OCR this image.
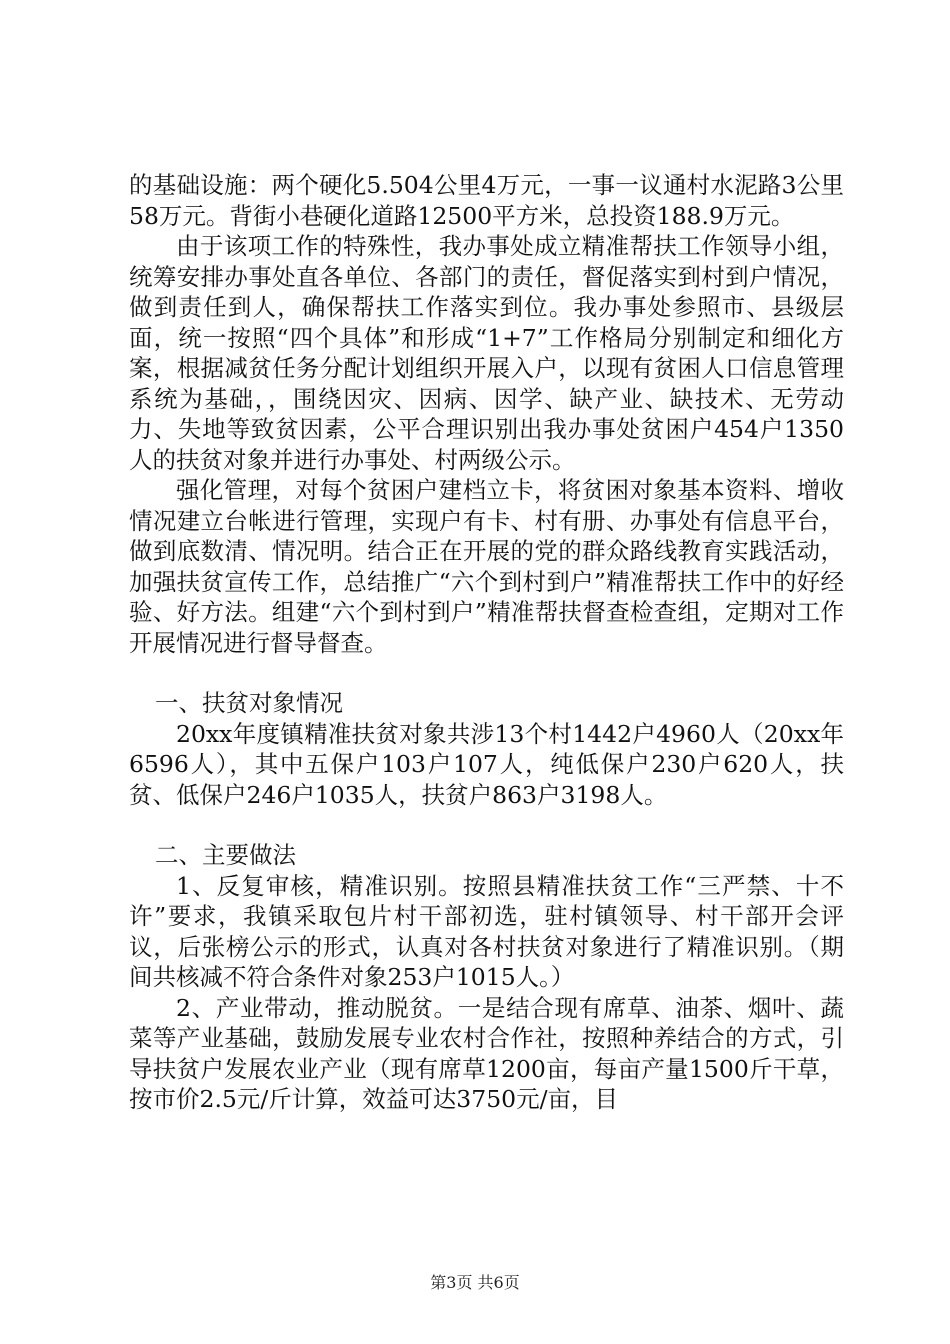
的基础设施：两个硬化5.504公里4万元，一事一议通村水泥路3公里58万元。背街小巷硬化道路12500平方米，总投资188.9万元。

由于该项工作的特殊性，我办事处成立精准帮扶工作领导小组，统筹安排办事处直各单位、各部门的责任，督促落实到村到户情况，做到责任到人，确保帮扶工作落实到位。我办事处参照市、县级层面，统一按照“四个具体”和形成“1+7”工作格局分别制定和细化方案，根据减贫任务分配计划组织开展入户，以现有贫困人口信息管理系统为基础，，围绕因灾、因病、因学、缺产业、缺技术、无劳动力、失地等致贫因素，公平合理识别出我办事处贫困户454户1350人的扶贫对象并进行办事处、村两级公示。

强化管理，对每个贫困户建档立卡，将贫困对象基本资料、增收情况建立台帐进行管理，实现户有卡、村有册、办事处有信息平台，做到底数清、情况明。结合正在开展的党的群众路线教育实践活动，加强扶贫宣传工作，总结推广“六个到村到户”精准帮扶工作中的好经验、好方法。组建“六个到村到户”精准帮扶督查检查组，定期对工作开展情况进行督导督查。

一、扶贫对象情况

20xx年度镇精准扶贫对象共涉13个村1442户4960人（20xx年6596人），其中五保户103户107人，纯低保户230户620人，扶贫、低保户246户1035人，扶贫户863户3198人。

二、主要做法

1、反复审核，精准识别。按照县精准扶贫工作“三严禁、十不许”要求，我镇采取包片村干部初选，驻村镇领导、村干部开会评议，后张榜公示的形式，认真对各村扶贫对象进行了精准识别。（期间共核减不符合条件对象253户1015人。）

2、产业带动，推动脱贫。一是结合现有席草、油茶、烟叶、蔬菜等产业基础，鼓励发展专业农村合作社，按照种养结合的方式，引导扶贫户发展农业产业（现有席草1200亩，每亩产量1500斤干草，按市价2.5元/斤计算，效益可达3750元/亩，目

第3页 共6页
